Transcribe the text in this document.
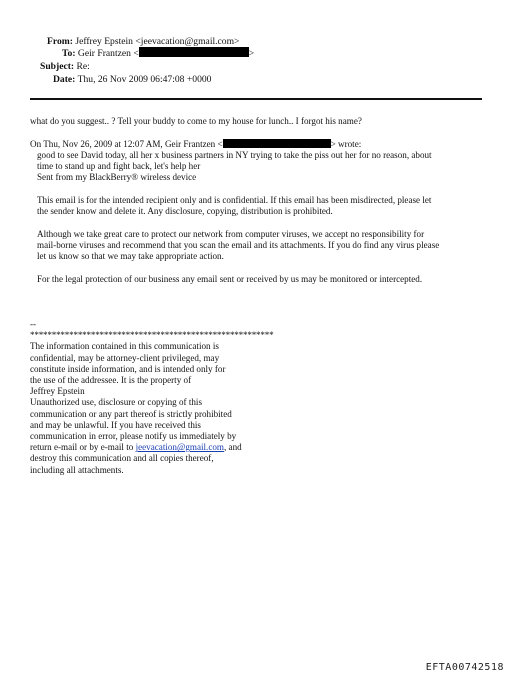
From: Jeffrey Epstein <jeevacation@gmail.com>
To: Geir Frantzen <	>
Subject: Re:
Date: Thu, 26 Nov 2009 06:47:08 +0000
what do you suggest.. ? Tell your buddy to come to my house for lunch.. I forgot his name?
On Thu, Nov 26, 2009 at 12:07 AM, Geir Frantzen <	> wrote:
good to see David today, all her x business partners in NY trying to take the piss out her for no reason, about
time to stand up and fight back, let's help her
Sent from my BlackBerry® wireless device
This email is for the intended recipient only and is confidential. If this email has been misdirected, please let
the sender know and delete it. Any disclosure, copying, distribution is prohibited.
Although we take great care to protect our network from computer viruses, we accept no responsibility for
mail-borne viruses and recommend that you scan the email and its attachments. If you do find any virus please
let us know so that we may take appropriate action.
For the legal protection of our business any email sent or received by us may be monitored or intercepted.
--
********************************************************
The information contained in this communication is
confidential, may be attorney-client privileged, may
constitute inside information, and is intended only for
the use of the addressee. It is the property of
Jeffrey Epstein
Unauthorized use, disclosure or copying of this
communication or any part thereof is strictly prohibited
and may be unlawful. If you have received this
communication in error, please notify us immediately by
return e-mail or by e-mail to jeevacation@gmail.com, and
destroy this communication and all copies thereof,
including all attachments.
EFTA00742518
